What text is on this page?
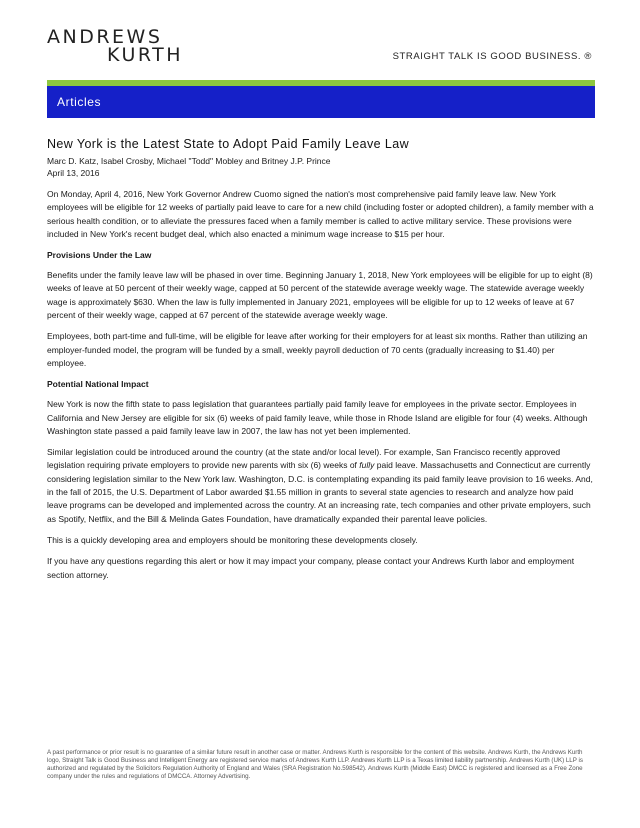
ANDREWS
KURTH	STRAIGHT TALK IS GOOD BUSINESS. ®
Articles
New York is the Latest State to Adopt Paid Family Leave Law
Marc D. Katz, Isabel Crosby, Michael "Todd" Mobley and Britney J.P. Prince
April 13, 2016

On Monday, April 4, 2016, New York Governor Andrew Cuomo signed the nation's most comprehensive paid family leave law. New York employees will be eligible for 12 weeks of partially paid leave to care for a new child (including foster or adopted children), a family member with a serious health condition, or to alleviate the pressures faced when a family member is called to active military service. These provisions were included in New York's recent budget deal, which also enacted a minimum wage increase to $15 per hour.

Provisions Under the Law

Benefits under the family leave law will be phased in over time. Beginning January 1, 2018, New York employees will be eligible for up to eight (8) weeks of leave at 50 percent of their weekly wage, capped at 50 percent of the statewide average weekly wage. The statewide average weekly wage is approximately $630. When the law is fully implemented in January 2021, employees will be eligible for up to 12 weeks of leave at 67 percent of their weekly wage, capped at 67 percent of the statewide average weekly wage.

Employees, both part-time and full-time, will be eligible for leave after working for their employers for at least six months. Rather than utilizing an employer-funded model, the program will be funded by a small, weekly payroll deduction of 70 cents (gradually increasing to $1.40) per employee.

Potential National Impact

New York is now the fifth state to pass legislation that guarantees partially paid family leave for employees in the private sector. Employees in California and New Jersey are eligible for six (6) weeks of paid family leave, while those in Rhode Island are eligible for four (4) weeks. Although Washington state passed a paid family leave law in 2007, the law has not yet been implemented.

Similar legislation could be introduced around the country (at the state and/or local level). For example, San Francisco recently approved legislation requiring private employers to provide new parents with six (6) weeks of fully paid leave. Massachusetts and Connecticut are currently considering legislation similar to the New York law. Washington, D.C. is contemplating expanding its paid family leave provision to 16 weeks. And, in the fall of 2015, the U.S. Department of Labor awarded $1.55 million in grants to several state agencies to research and analyze how paid leave programs can be developed and implemented across the country. At an increasing rate, tech companies and other private employers, such as Spotify, Netflix, and the Bill & Melinda Gates Foundation, have dramatically expanded their parental leave policies.

This is a quickly developing area and employers should be monitoring these developments closely.

If you have any questions regarding this alert or how it may impact your company, please contact your Andrews Kurth labor and employment section attorney.

A past performance or prior result is no guarantee of a similar future result in another case or matter. Andrews Kurth is responsible for the content of this website. Andrews Kurth, the Andrews Kurth logo, Straight Talk is Good Business and Intelligent Energy are registered service marks of Andrews Kurth LLP. Andrews Kurth LLP is a Texas limited liability partnership. Andrews Kurth (UK) LLP is authorized and regulated by the Solicitors Regulation Authority of England and Wales (SRA Registration No.598542). Andrews Kurth (Middle East) DMCC is registered and licensed as a Free Zone company under the rules and regulations of DMCCA. Attorney Advertising.
